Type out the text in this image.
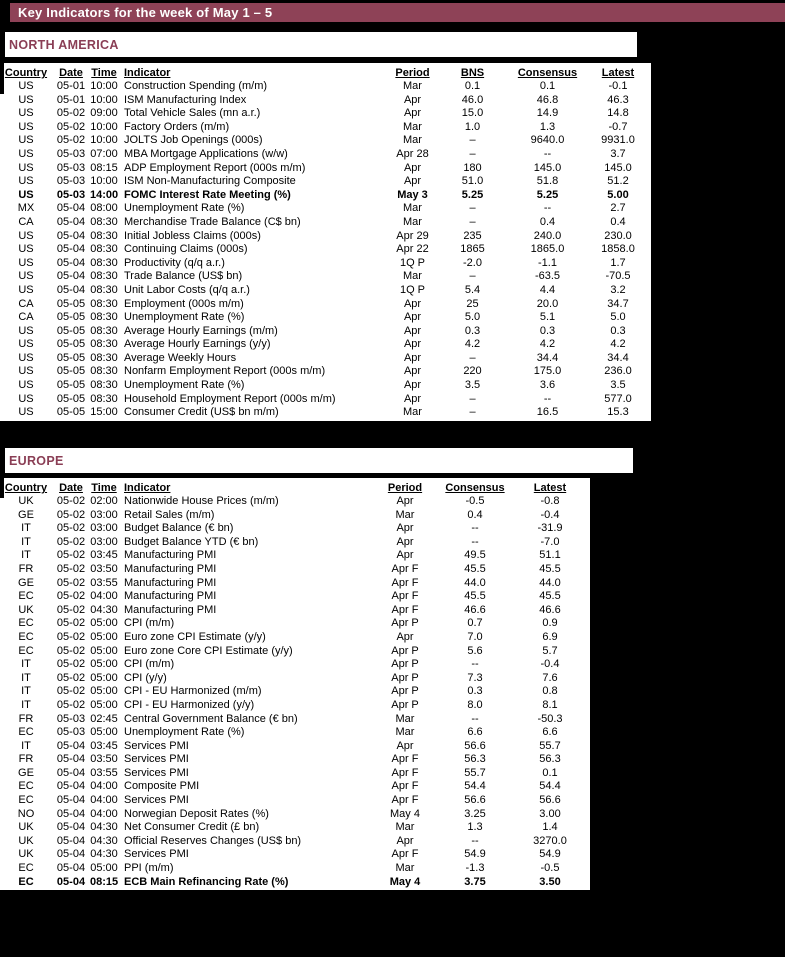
Key Indicators for the week of May 1 – 5
NORTH AMERICA
Country	Date Time Indicator	Period	BNS	Consensus	Latest
US	05-01 10:00 Construction Spending (m/m)	Mar	0.1	0.1	-0.1
US	05-01 10:00 ISM Manufacturing Index	Apr	46.0	46.8	46.3
US	05-02 09:00 Total Vehicle Sales (mn a.r.)	Apr	15.0	14.9	14.8
US	05-02 10:00 Factory Orders (m/m)	Mar	1.0	1.3	-0.7
US	05-02 10:00 JOLTS Job Openings (000s)	Mar	–	9640.0	9931.0
US	05-03 07:00 MBA Mortgage Applications (w/w)	Apr 28	–	--	3.7
US	05-03 08:15 ADP Employment Report (000s m/m)	Apr	180	145.0	145.0
US	05-03 10:00 ISM Non-Manufacturing Composite	Apr	51.0	51.8	51.2
US	05-03 14:00 FOMC Interest Rate Meeting (%)	May 3	5.25	5.25	5.00
MX	05-04 08:00 Unemployment Rate (%)	Mar	–	--	2.7
CA	05-04 08:30 Merchandise Trade Balance (C$ bn)	Mar	–	0.4	0.4
US	05-04 08:30 Initial Jobless Claims (000s)	Apr 29	235	240.0	230.0
US	05-04 08:30 Continuing Claims (000s)	Apr 22	1865	1865.0	1858.0
US	05-04 08:30 Productivity (q/q a.r.)	1Q P	-2.0	-1.1	1.7
US	05-04 08:30 Trade Balance (US$ bn)	Mar	–	-63.5	-70.5
US	05-04 08:30 Unit Labor Costs (q/q a.r.)	1Q P	5.4	4.4	3.2
CA	05-05 08:30 Employment (000s m/m)	Apr	25	20.0	34.7
CA	05-05 08:30 Unemployment Rate (%)	Apr	5.0	5.1	5.0
US	05-05 08:30 Average Hourly Earnings (m/m)	Apr	0.3	0.3	0.3
US	05-05 08:30 Average Hourly Earnings (y/y)	Apr	4.2	4.2	4.2
US	05-05 08:30 Average Weekly Hours	Apr	–	34.4	34.4
US	05-05 08:30 Nonfarm Employment Report (000s m/m)	Apr	220	175.0	236.0
US	05-05 08:30 Unemployment Rate (%)	Apr	3.5	3.6	3.5
US	05-05 08:30 Household Employment Report (000s m/m)	Apr	–	--	577.0
US	05-05 15:00 Consumer Credit (US$ bn m/m)	Mar	–	16.5	15.3
EUROPE
Country	Date Time Indicator	Period	Consensus	Latest
UK	05-02 02:00 Nationwide House Prices (m/m)	Apr	-0.5	-0.8
GE	05-02 03:00 Retail Sales (m/m)	Mar	0.4	-0.4
IT	05-02 03:00 Budget Balance (€ bn)	Apr	--	-31.9
IT	05-02 03:00 Budget Balance YTD (€ bn)	Apr	--	-7.0
IT	05-02 03:45 Manufacturing PMI	Apr	49.5	51.1
FR	05-02 03:50 Manufacturing PMI	Apr F	45.5	45.5
GE	05-02 03:55 Manufacturing PMI	Apr F	44.0	44.0
EC	05-02 04:00 Manufacturing PMI	Apr F	45.5	45.5
UK	05-02 04:30 Manufacturing PMI	Apr F	46.6	46.6
EC	05-02 05:00 CPI (m/m)	Apr P	0.7	0.9
EC	05-02 05:00 Euro zone CPI Estimate (y/y)	Apr	7.0	6.9
EC	05-02 05:00 Euro zone Core CPI Estimate (y/y)	Apr P	5.6	5.7
IT	05-02 05:00 CPI (m/m)	Apr P	--	-0.4
IT	05-02 05:00 CPI (y/y)	Apr P	7.3	7.6
IT	05-02 05:00 CPI - EU Harmonized (m/m)	Apr P	0.3	0.8
IT	05-02 05:00 CPI - EU Harmonized (y/y)	Apr P	8.0	8.1
FR	05-03 02:45 Central Government Balance (€ bn)	Mar	--	-50.3
EC	05-03 05:00 Unemployment Rate (%)	Mar	6.6	6.6
IT	05-04 03:45 Services PMI	Apr	56.6	55.7
FR	05-04 03:50 Services PMI	Apr F	56.3	56.3
GE	05-04 03:55 Services PMI	Apr F	55.7	0.1
EC	05-04 04:00 Composite PMI	Apr F	54.4	54.4
EC	05-04 04:00 Services PMI	Apr F	56.6	56.6
NO	05-04 04:00 Norwegian Deposit Rates (%)	May 4	3.25	3.00
UK	05-04 04:30 Net Consumer Credit (£ bn)	Mar	1.3	1.4
UK	05-04 04:30 Official Reserves Changes (US$ bn)	Apr	--	3270.0
UK	05-04 04:30 Services PMI	Apr F	54.9	54.9
EC	05-04 05:00 PPI (m/m)	Mar	-1.3	-0.5
EC	05-04 08:15 ECB Main Refinancing Rate (%)	May 4	3.75	3.50
